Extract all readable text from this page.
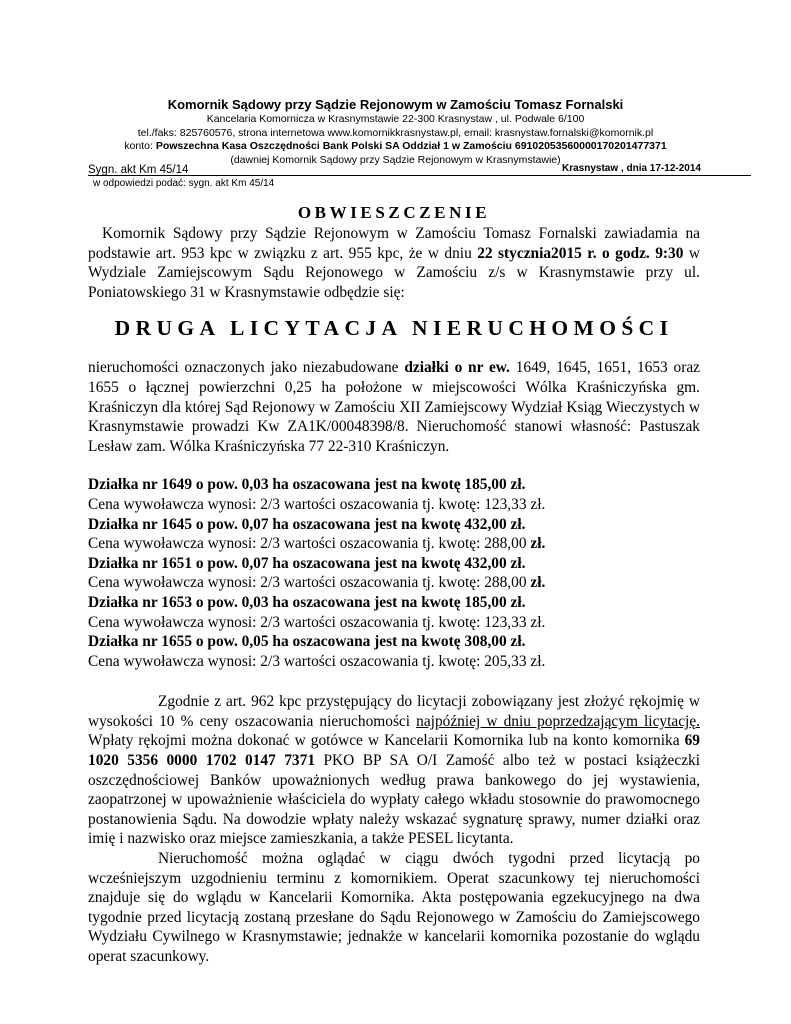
Komornik Sądowy przy Sądzie Rejonowym w Zamościu Tomasz Fornalski
Kancelaria Komornicza w Krasnymstawie 22-300 Krasnystaw , ul. Podwale 6/100
tel./faks: 825760576, strona internetowa www.komornikkrasnystaw.pl, email: krasnystaw.fornalski@komornik.pl
konto: Powszechna Kasa Oszczędności Bank Polski SA Oddział 1 w Zamościu 69102053560000170201477371
(dawniej Komornik Sądowy przy Sądzie Rejonowym w Krasnymstawie)
Sygn. akt Km 45/14	Krasnystaw , dnia 17-12-2014
w odpowiedzi podać: sygn. akt Km 45/14

OBWIESZCZENIE

Komornik Sądowy przy Sądzie Rejonowym w Zamościu Tomasz Fornalski zawiadamia na podstawie art. 953 kpc w związku z art. 955 kpc, że w dniu 22 stycznia2015 r. o godz. 9:30 w Wydziale Zamiejscowym Sądu Rejonowego w Zamościu z/s w Krasnymstawie przy ul. Poniatowskiego 31 w Krasnymstawie odbędzie się:

DRUGA LICYTACJA NIERUCHOMOŚCI

nieruchomości oznaczonych jako niezabudowane działki o nr ew. 1649, 1645, 1651, 1653 oraz 1655 o łącznej powierzchni 0,25 ha położone w miejscowości Wólka Kraśniczyńska gm. Kraśniczyn dla której Sąd Rejonowy w Zamościu XII Zamiejscowy Wydział Ksiąg Wieczystych w Krasnymstawie prowadzi Kw ZA1K/00048398/8. Nieruchomość stanowi własność: Pastuszak Lesław zam. Wólka Kraśniczyńska 77 22-310 Kraśniczyn.

Działka nr 1649 o pow. 0,03 ha oszacowana jest na kwotę 185,00 zł.
Cena wywoławcza wynosi: 2/3 wartości oszacowania tj. kwotę: 123,33 zł.
Działka nr 1645 o pow. 0,07 ha oszacowana jest na kwotę 432,00 zł.
Cena wywoławcza wynosi: 2/3 wartości oszacowania tj. kwotę: 288,00 zł.
Działka nr 1651 o pow. 0,07 ha oszacowana jest na kwotę 432,00 zł.
Cena wywoławcza wynosi: 2/3 wartości oszacowania tj. kwotę: 288,00 zł.
Działka nr 1653 o pow. 0,03 ha oszacowana jest na kwotę 185,00 zł.
Cena wywoławcza wynosi: 2/3 wartości oszacowania tj. kwotę: 123,33 zł.
Działka nr 1655 o pow. 0,05 ha oszacowana jest na kwotę 308,00 zł.
Cena wywoławcza wynosi: 2/3 wartości oszacowania tj. kwotę: 205,33 zł.

Zgodnie z art. 962 kpc przystępujący do licytacji zobowiązany jest złożyć rękojmię w wysokości 10 % ceny oszacowania nieruchomości najpóźniej w dniu poprzedzającym licytację. Wpłaty rękojmi można dokonać w gotówce w Kancelarii Komornika lub na konto komornika 69 1020 5356 0000 1702 0147 7371 PKO BP SA O/I Zamość albo też w postaci książeczki oszczędnościowej Banków upoważnionych według prawa bankowego do jej wystawienia, zaopatrzonej w upoważnienie właściciela do wypłaty całego wkładu stosownie do prawomocnego postanowienia Sądu. Na dowodzie wpłaty należy wskazać sygnaturę sprawy, numer działki oraz imię i nazwisko oraz miejsce zamieszkania, a także PESEL licytanta.

Nieruchomość można oglądać w ciągu dwóch tygodni przed licytacją po wcześniejszym uzgodnieniu terminu z komornikiem. Operat szacunkowy tej nieruchomości znajduje się do wglądu w Kancelarii Komornika. Akta postępowania egzekucyjnego na dwa tygodnie przed licytacją zostaną przesłane do Sądu Rejonowego w Zamościu do Zamiejscowego Wydziału Cywilnego w Krasnymstawie; jednakże w kancelarii komornika pozostanie do wglądu operat szacunkowy.
